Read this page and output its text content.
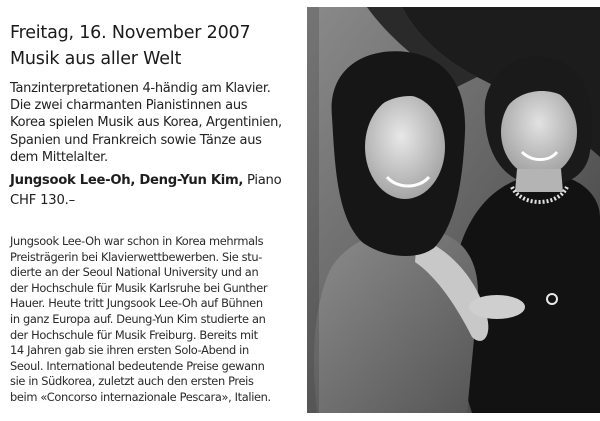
Freitag, 16. November 2007
Musik aus aller Welt
Tanzinterpretationen 4-händig am Klavier.
Die zwei charmanten Pianistinnen aus
Korea spielen Musik aus Korea, Argentinien,
Spanien und Frankreich sowie Tänze aus
dem Mittelalter.
Jungsook Lee-Oh, Deng-Yun Kim, Piano
CHF 130.–
Jungsook Lee-Oh war schon in Korea mehrmals
Preisträgerin bei Klavierwettbewerben. Sie stu-
dierte an der Seoul National University und an
der Hochschule für Musik Karlsruhe bei Gunther
Hauer. Heute tritt Jungsook Lee-Oh auf Bühnen
in ganz Europa auf. Deung-Yun Kim studierte an
der Hochschule für Musik Freiburg. Bereits mit
14 Jahren gab sie ihren ersten Solo-Abend in
Seoul. International bedeutende Preise gewann
sie in Südkorea, zuletzt auch den ersten Preis
beim «Concorso internazionale Pescara», Italien.
